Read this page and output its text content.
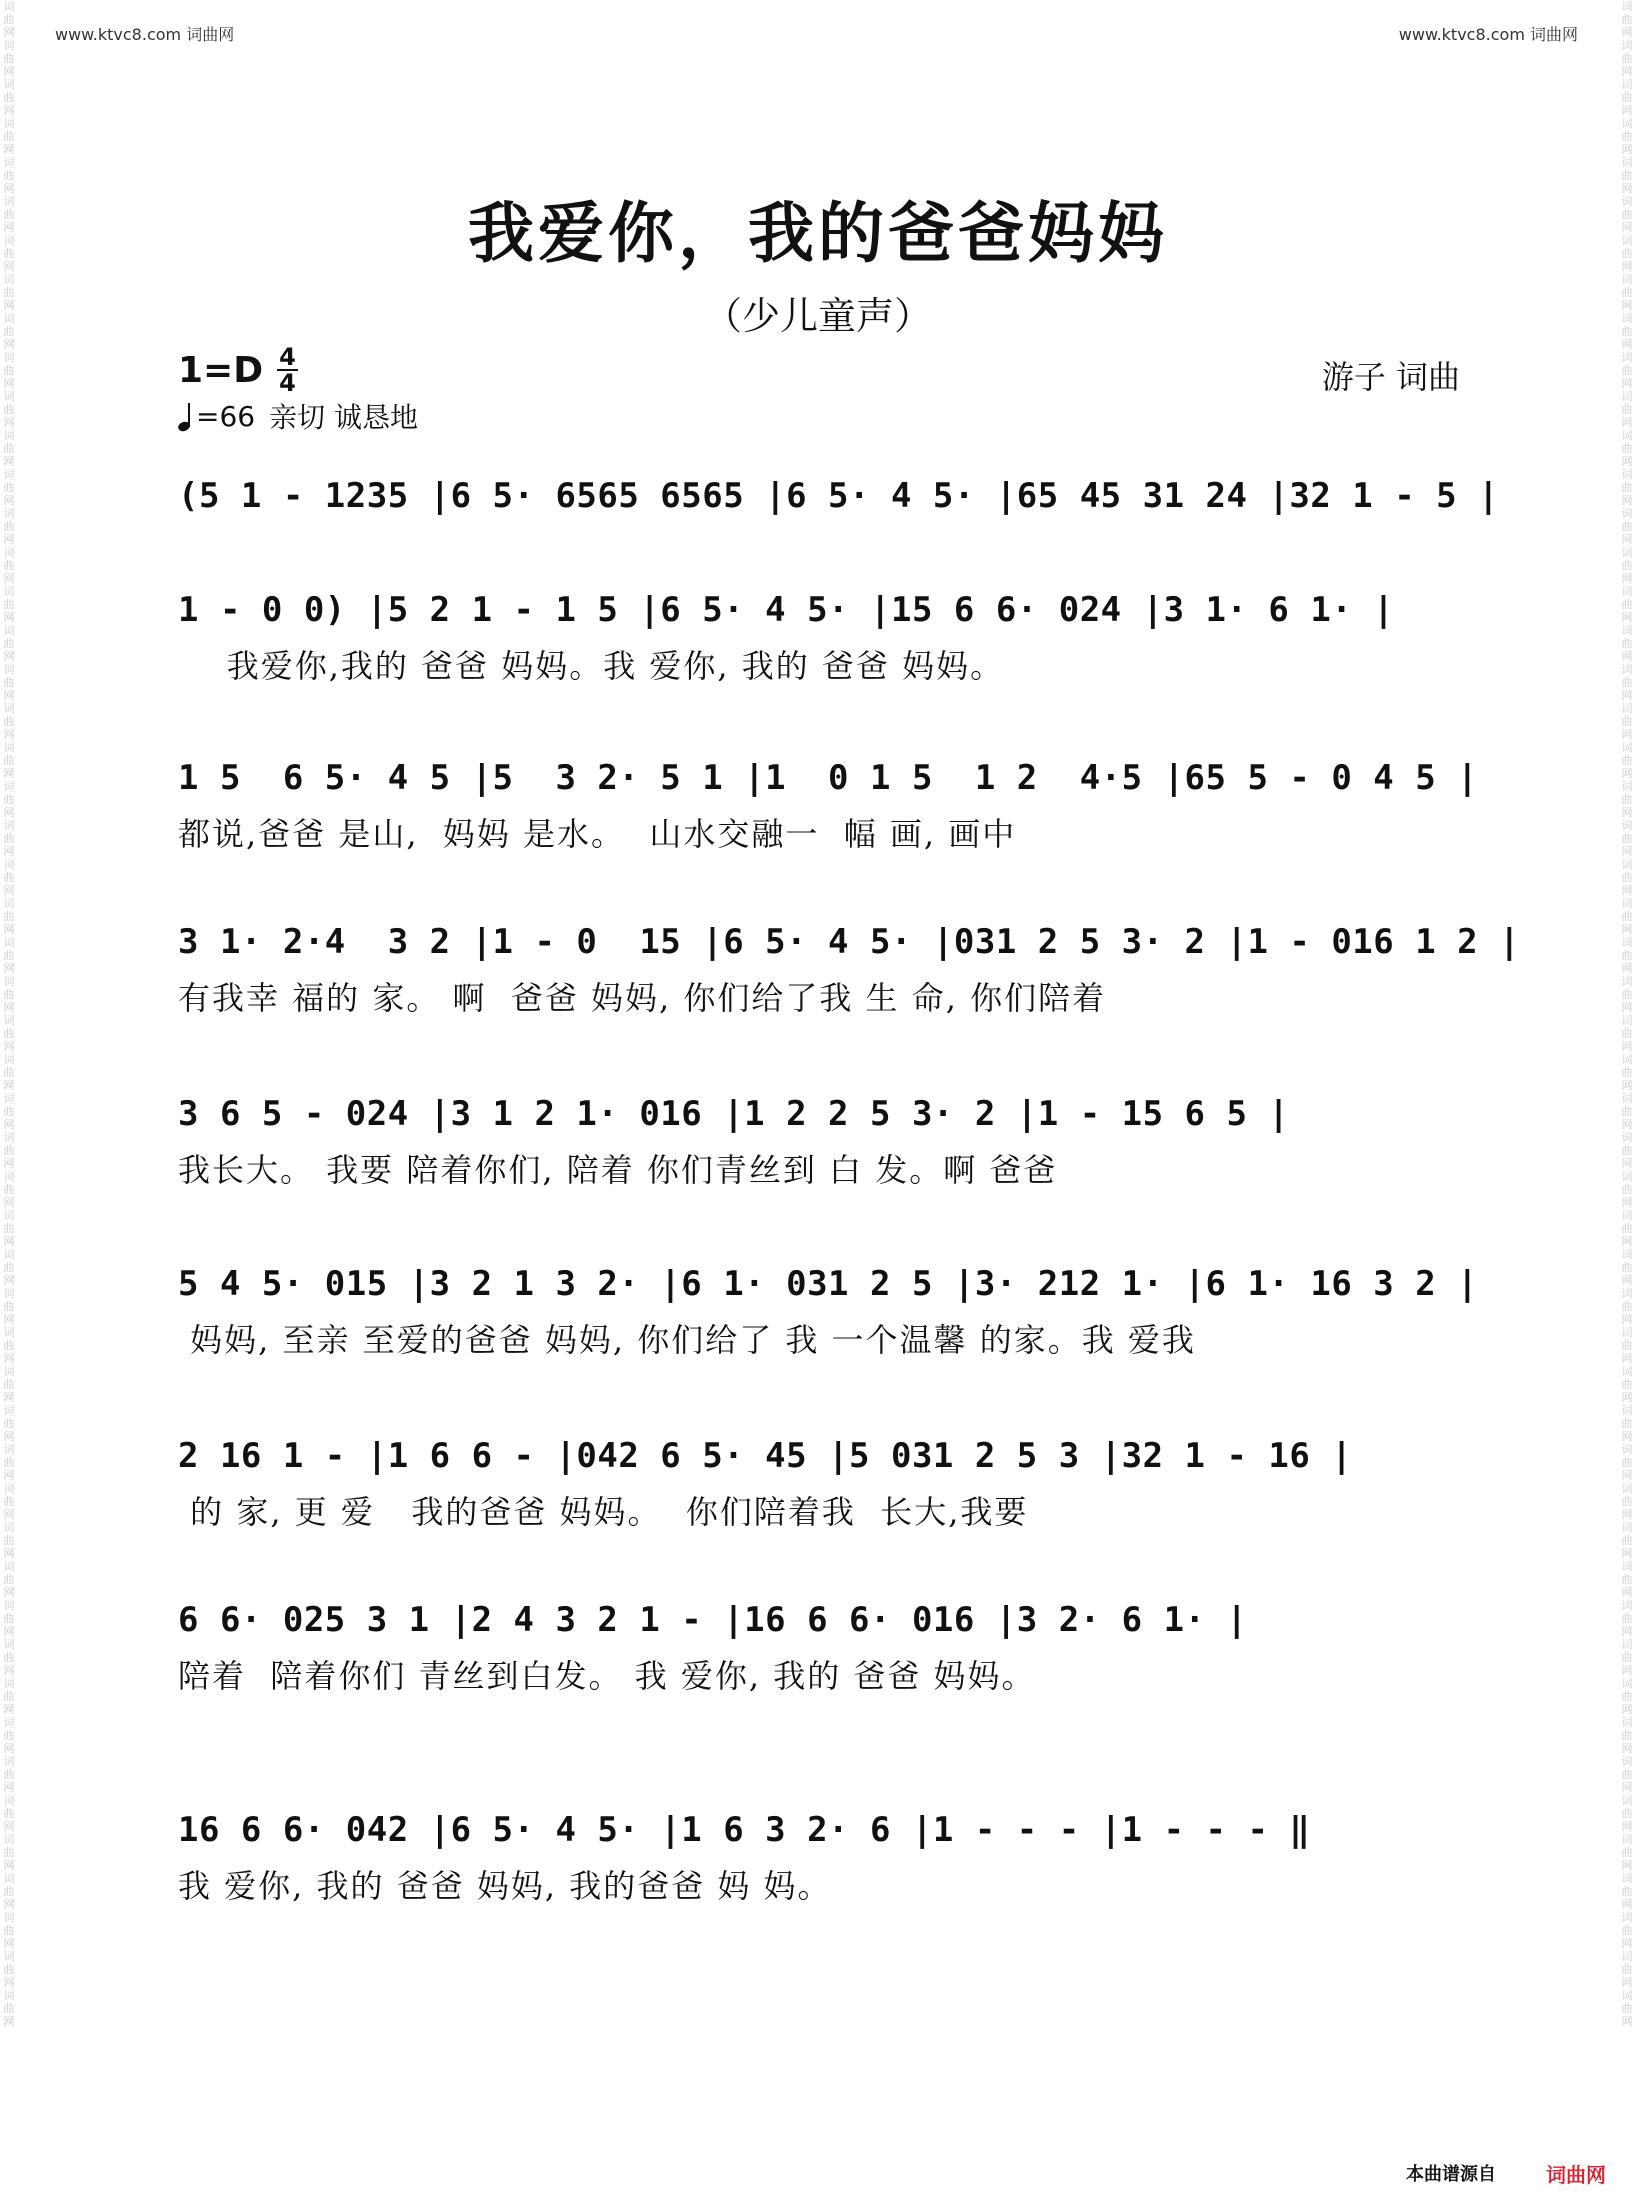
www.ktvc8.com 词曲网	www.ktvc8.com 词曲网
词曲网词曲网词曲网词曲网词曲网词曲网词曲网词曲网词曲网词曲网词曲网词曲网词曲网词曲网词曲网词曲网词曲网词曲网词曲网词曲网词曲网词曲网词曲网词曲网词曲网词曲网词曲网词曲网词曲网词曲网词曲网词曲网词曲网词曲网词曲网词曲网词曲网词曲网词曲网词曲网词曲网词曲网词曲网词曲网词曲网词曲网词曲网词曲网词曲网词曲网词曲网词曲网
词曲网词曲网词曲网词曲网词曲网词曲网词曲网词曲网词曲网词曲网词曲网词曲网词曲网词曲网词曲网词曲网词曲网词曲网词曲网词曲网词曲网词曲网词曲网词曲网词曲网词曲网词曲网词曲网词曲网词曲网词曲网词曲网词曲网词曲网词曲网词曲网词曲网词曲网词曲网词曲网词曲网词曲网词曲网词曲网词曲网词曲网词曲网词曲网词曲网词曲网词曲网词曲网
我爱你，我的爸爸妈妈
（少儿童声）
1=D 4
4
=66 亲切 诚恳地
游子 词曲
(5 1 - 1235 |6 5· 6565 6565 |6 5· 4 5· |65 45 31 24 |32 1 - 5 |
1 - 0 0) |5 2 1 - 1 5 |6 5· 4 5· |15 6 6· 024 |3 1· 6 1· |
我爱你,我的 爸爸 妈妈。我 爱你, 我的 爸爸 妈妈。
1 5  6 5· 4 5 |5  3 2· 5 1 |1  0 1 5  1 2  4·5 |65 5 - 0 4 5 |
都说,爸爸 是山,  妈妈 是水。  山水交融一  幅 画, 画中
3 1· 2·4  3 2 |1 - 0  15 |6 5· 4 5· |031 2 5 3· 2 |1 - 016 1 2 |
有我幸 福的 家。 啊  爸爸 妈妈, 你们给了我 生 命, 你们陪着
3 6 5 - 024 |3 1 2 1· 016 |1 2 2 5 3· 2 |1 - 15 6 5 |
我长大。 我要 陪着你们, 陪着 你们青丝到 白 发。啊 爸爸
5 4 5· 015 |3 2 1 3 2· |6 1· 031 2 5 |3· 212 1· |6 1· 16 3 2 |
妈妈, 至亲 至爱的爸爸 妈妈, 你们给了 我 一个温馨 的家。我 爱我
2 16 1 - |1 6 6 - |042 6 5· 45 |5 031 2 5 3 |32 1 - 16 |
的 家, 更 爱   我的爸爸 妈妈。  你们陪着我  长大,我要
6 6· 025 3 1 |2 4 3 2 1 - |16 6 6· 016 |3 2· 6 1· |
陪着  陪着你们 青丝到白发。 我 爱你, 我的 爸爸 妈妈。
16 6 6· 042 |6 5· 4 5· |1 6 3 2· 6 |1 - - - |1 - - - ‖
我 爱你, 我的 爸爸 妈妈, 我的爸爸 妈 妈。
本曲谱源自	词曲网
